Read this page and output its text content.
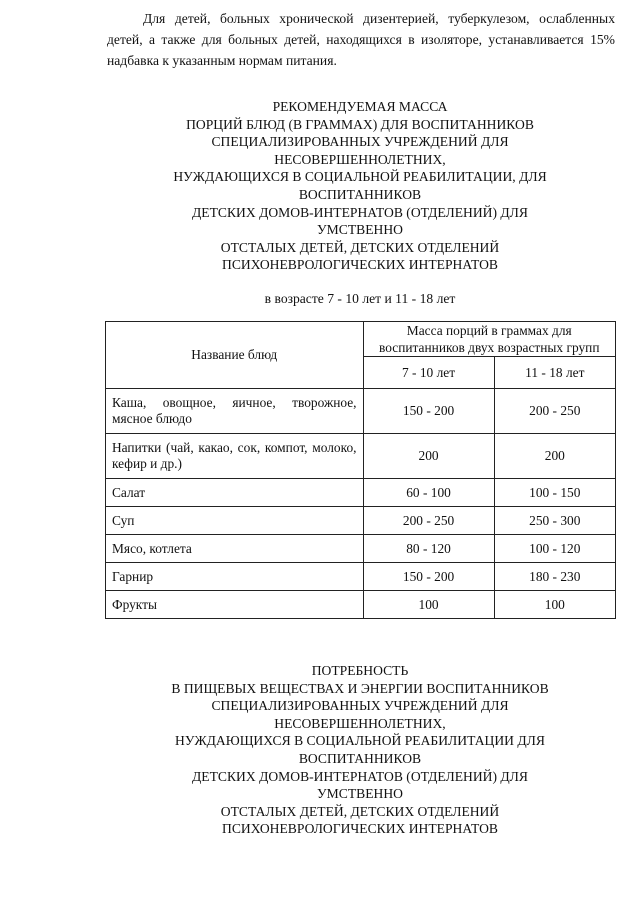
Для детей, больных хронической дизентерией, туберкулезом, ослабленных детей, а также для больных детей, находящихся в изоляторе, устанавливается 15% надбавка к указанным нормам питания.

РЕКОМЕНДУЕМАЯ МАССА
ПОРЦИЙ БЛЮД (В ГРАММАХ) ДЛЯ ВОСПИТАННИКОВ
СПЕЦИАЛИЗИРОВАННЫХ УЧРЕЖДЕНИЙ ДЛЯ
НЕСОВЕРШЕННОЛЕТНИХ,
НУЖДАЮЩИХСЯ В СОЦИАЛЬНОЙ РЕАБИЛИТАЦИИ, ДЛЯ
ВОСПИТАННИКОВ
ДЕТСКИХ ДОМОВ-ИНТЕРНАТОВ (ОТДЕЛЕНИЙ) ДЛЯ
УМСТВЕННО
ОТСТАЛЫХ ДЕТЕЙ, ДЕТСКИХ ОТДЕЛЕНИЙ
ПСИХОНЕВРОЛОГИЧЕСКИХ ИНТЕРНАТОВ
в возрасте 7 - 10 лет и 11 - 18 лет
Название блюд	Масса порций в граммах для воспитанников двух возрастных групп	
	7 - 10 лет	11 - 18 лет
Каша, овощное, яичное, творожное, мясное блюдо	150 - 200	200 - 250
Напитки (чай, какао, сок, компот, молоко, кефир и др.)	200	200
Салат	60 - 100	100 - 150
Суп	200 - 250	250 - 300
Мясо, котлета	80 - 120	100 - 120
Гарнир	150 - 200	180 - 230
Фрукты	100	100
ПОТРЕБНОСТЬ
В ПИЩЕВЫХ ВЕЩЕСТВАХ И ЭНЕРГИИ ВОСПИТАННИКОВ
СПЕЦИАЛИЗИРОВАННЫХ УЧРЕЖДЕНИЙ ДЛЯ
НЕСОВЕРШЕННОЛЕТНИХ,
НУЖДАЮЩИХСЯ В СОЦИАЛЬНОЙ РЕАБИЛИТАЦИИ ДЛЯ
ВОСПИТАННИКОВ
ДЕТСКИХ ДОМОВ-ИНТЕРНАТОВ (ОТДЕЛЕНИЙ) ДЛЯ
УМСТВЕННО
ОТСТАЛЫХ ДЕТЕЙ, ДЕТСКИХ ОТДЕЛЕНИЙ
ПСИХОНЕВРОЛОГИЧЕСКИХ ИНТЕРНАТОВ
